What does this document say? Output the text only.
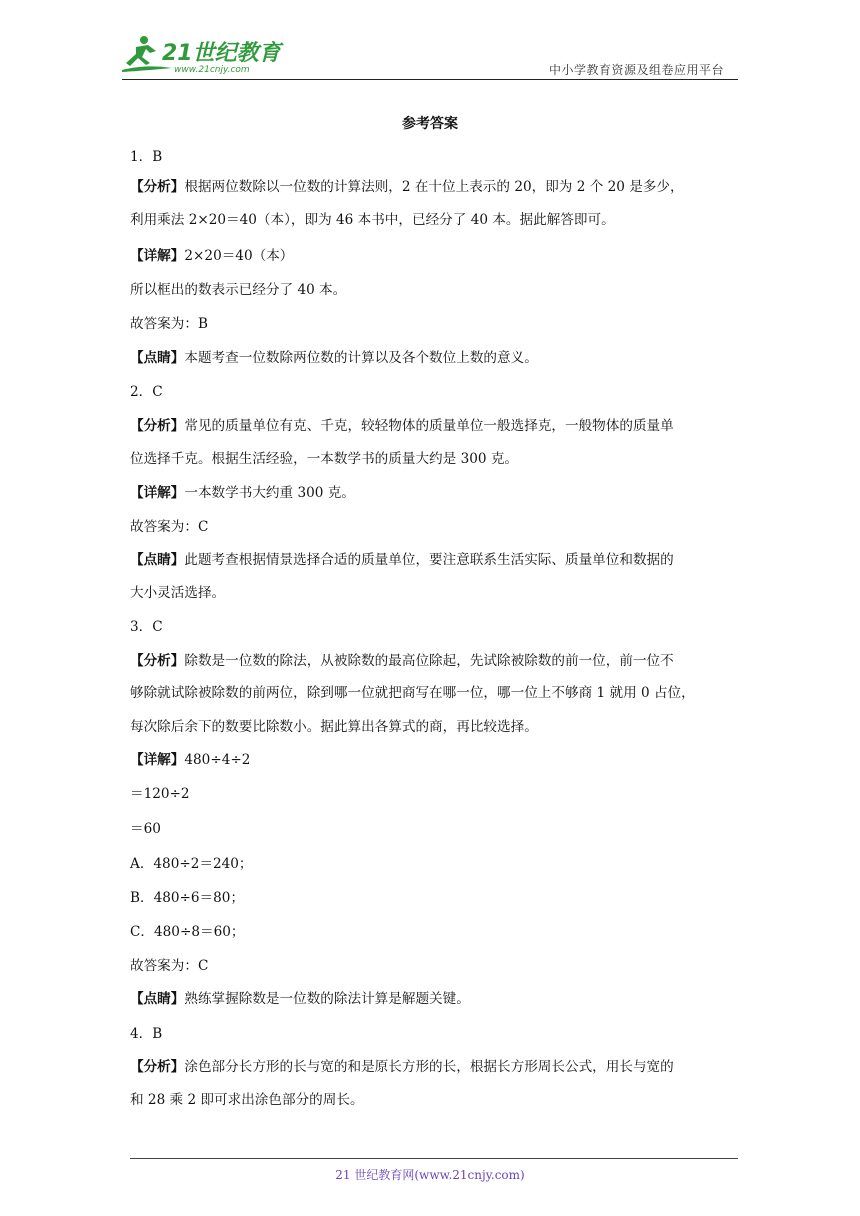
21世纪教育
www.21cnjy.com	中小学教育资源及组卷应用平台
参考答案
1．B
【分析】根据两位数除以一位数的计算法则，2 在十位上表示的 20，即为 2 个 20 是多少，
利用乘法 2×20＝40（本），即为 46 本书中，已经分了 40 本。据此解答即可。
【详解】2×20＝40（本）
所以框出的数表示已经分了 40 本。
故答案为：B
【点睛】本题考查一位数除两位数的计算以及各个数位上数的意义。
2．C
【分析】常见的质量单位有克、千克，较轻物体的质量单位一般选择克，一般物体的质量单
位选择千克。根据生活经验，一本数学书的质量大约是 300 克。
【详解】一本数学书大约重 300 克。
故答案为：C
【点睛】此题考查根据情景选择合适的质量单位，要注意联系生活实际、质量单位和数据的
大小灵活选择。
3．C
【分析】除数是一位数的除法，从被除数的最高位除起，先试除被除数的前一位，前一位不
够除就试除被除数的前两位，除到哪一位就把商写在哪一位，哪一位上不够商 1 就用 0 占位，
每次除后余下的数要比除数小。据此算出各算式的商，再比较选择。
【详解】480÷4÷2
＝120÷2
＝60
A．480÷2＝240；
B．480÷6＝80；
C．480÷8＝60；
故答案为：C
【点睛】熟练掌握除数是一位数的除法计算是解题关键。
4．B
【分析】涂色部分长方形的长与宽的和是原长方形的长，根据长方形周长公式，用长与宽的
和 28 乘 2 即可求出涂色部分的周长。
21 世纪教育网(www.21cnjy.com)
